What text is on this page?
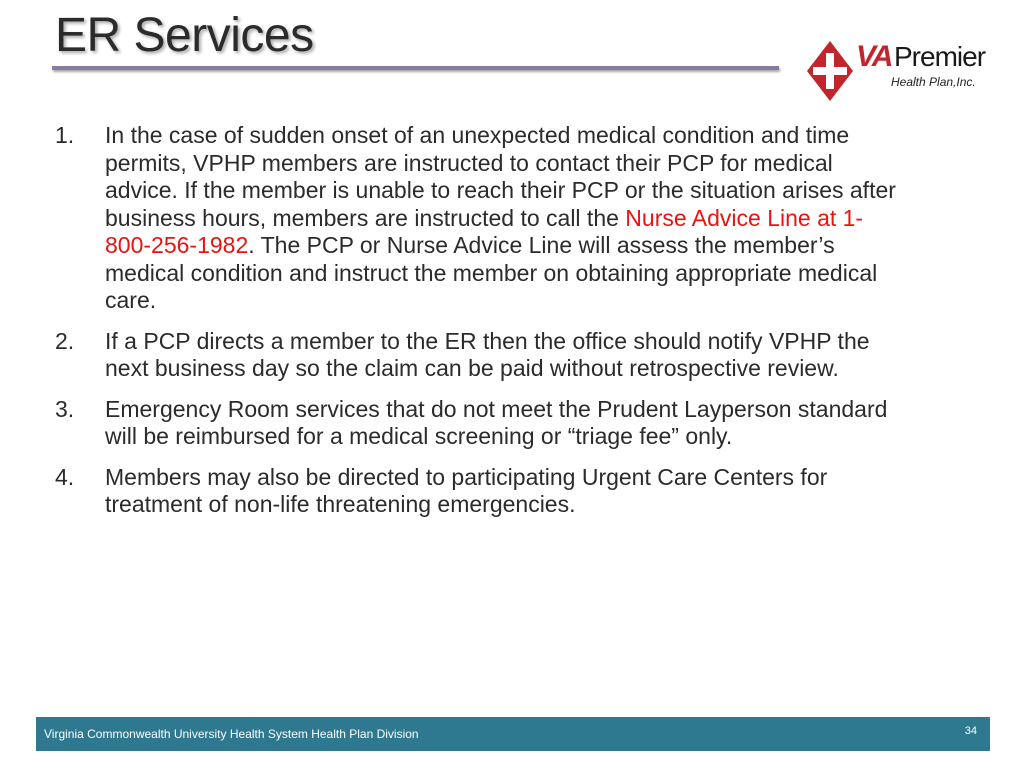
ER Services	VA Premier
Health Plan,Inc.
1. In the case of sudden onset of an unexpected medical condition and time permits, VPHP members are instructed to contact their PCP for medical advice. If the member is unable to reach their PCP or the situation arises after business hours, members are instructed to call the Nurse Advice Line at 1-800-256-1982. The PCP or Nurse Advice Line will assess the member’s medical condition and instruct the member on obtaining appropriate medical care.
2. If a PCP directs a member to the ER then the office should notify VPHP the next business day so the claim can be paid without retrospective review.
3. Emergency Room services that do not meet the Prudent Layperson standard will be reimbursed for a medical screening or “triage fee” only.
4. Members may also be directed to participating Urgent Care Centers for treatment of non-life threatening emergencies.
Virginia Commonwealth University Health System Health Plan Division	34
